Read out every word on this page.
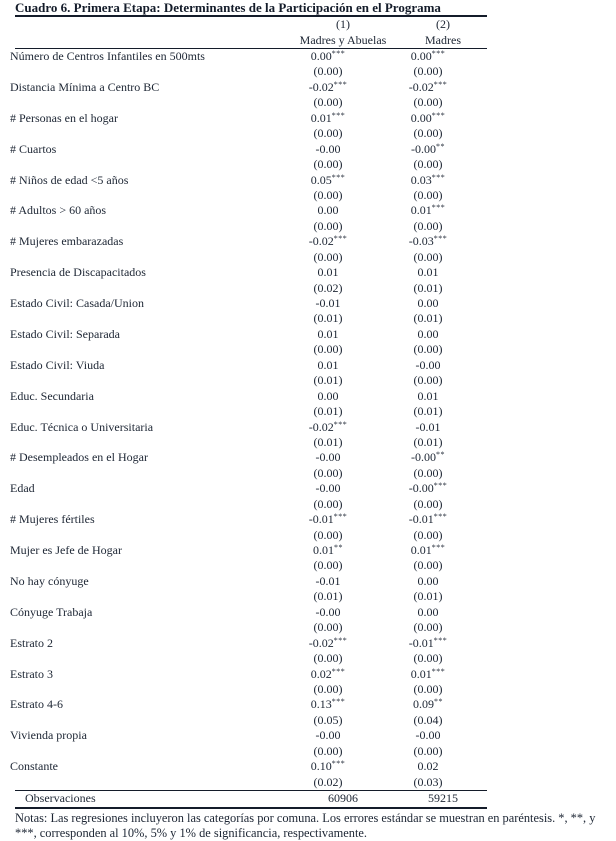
Cuadro 6. Primera Etapa: Determinantes de la Participación en el Programa
(1)	(2)
Madres y Abuelas	Madres
Número de Centros Infantiles en 500mts	0.00***	0.00***
(0.00)	(0.00)
Distancia Mínima a Centro BC	-0.02***	-0.02***
(0.00)	(0.00)
# Personas en el hogar	0.01***	0.00***
(0.00)	(0.00)
# Cuartos	-0.00	-0.00**
(0.00)	(0.00)
# Niños de edad <5 años	0.05***	0.03***
(0.00)	(0.00)
# Adultos > 60 años	0.00	0.01***
(0.00)	(0.00)
# Mujeres embarazadas	-0.02***	-0.03***
(0.00)	(0.00)
Presencia de Discapacitados	0.01	0.01
(0.02)	(0.01)
Estado Civil: Casada/Union	-0.01	0.00
(0.01)	(0.01)
Estado Civil: Separada	0.01	0.00
(0.00)	(0.00)
Estado Civil: Viuda	0.01	-0.00
(0.01)	(0.00)
Educ. Secundaria	0.00	0.01
(0.01)	(0.01)
Educ. Técnica o Universitaria	-0.02***	-0.01
(0.01)	(0.01)
# Desempleados en el Hogar	-0.00	-0.00**
(0.00)	(0.00)
Edad	-0.00	-0.00***
(0.00)	(0.00)
# Mujeres fértiles	-0.01***	-0.01***
(0.00)	(0.00)
Mujer es Jefe de Hogar	0.01**	0.01***
(0.00)	(0.00)
No hay cónyuge	-0.01	0.00
(0.01)	(0.01)
Cónyuge Trabaja	-0.00	0.00
(0.00)	(0.00)
Estrato 2	-0.02***	-0.01***
(0.00)	(0.00)
Estrato 3	0.02***	0.01***
(0.00)	(0.00)
Estrato 4-6	0.13***	0.09**
(0.05)	(0.04)
Vivienda propia	-0.00	-0.00
(0.00)	(0.00)
Constante	0.10***	0.02
(0.02)	(0.03)
Observaciones	60906	59215
Notas: Las regresiones incluyeron las categorías por comuna. Los errores estándar se muestran en paréntesis. *, **, y ***, corresponden al 10%, 5% y 1% de significancia, respectivamente.
